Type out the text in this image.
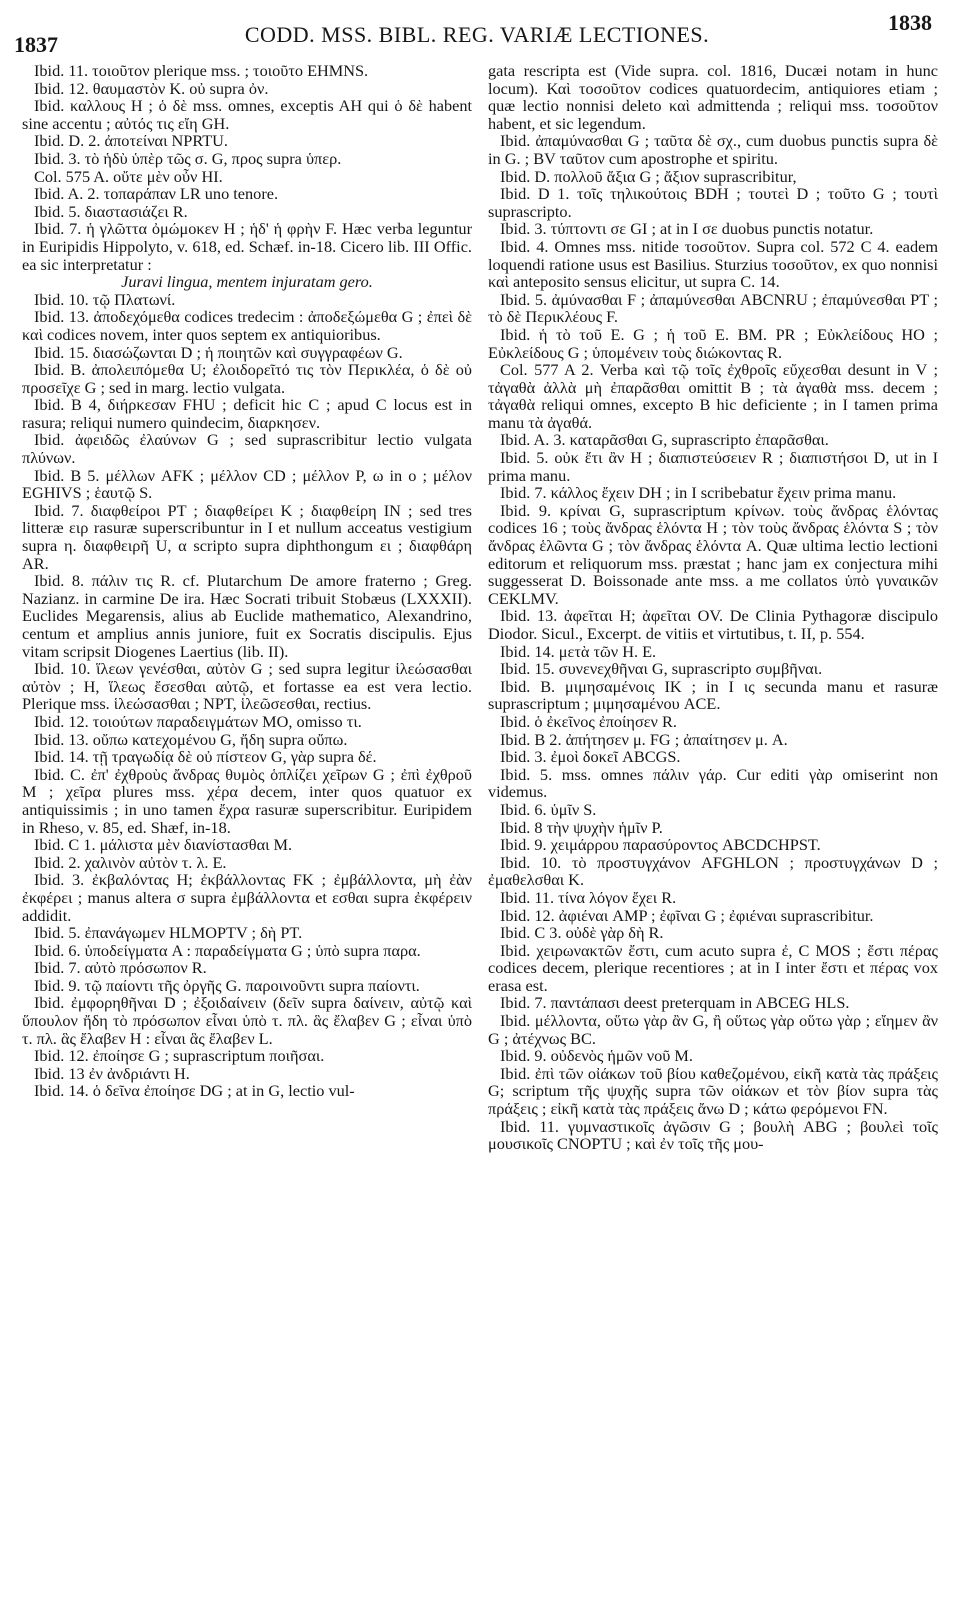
1837	CODD. MSS. BIBL. REG. VARIÆ LECTIONES.	1838

Ibid. 11. τοιοῦτον plerique mss. ; τοιοῦτο EHMNS.

Ibid. 12. θαυμαστὸν K. οὐ supra ὀν.

Ibid. καλλους H ; ὁ δὲ mss. omnes, exceptis AH qui ὁ δὲ habent sine accentu ; αὐτός τις εἴη GH.

Ibid. D. 2. ἀποτείναι NPRTU.

Ibid. 3. τὸ ἡδὺ ὑπὲρ τῶς σ. G, προς supra ὑπερ.

Col. 575 A. οὔτε μὲν οὖν HI.

Ibid. A. 2. τοπαράπαν LR uno tenore.

Ibid. 5. διαστασιάζει R.

Ibid. 7. ἡ γλῶττα ὀμώμοκεν H ; ἡδ' ἡ φρὴν F. Hæc verba leguntur in Euripidis Hippolyto, v. 618, ed. Schæf. in-18. Cicero lib. III Offic. ea sic interpretatur :

Juravi lingua, mentem injuratam gero.

Ibid. 10. τῷ Πλατωνί.

Ibid. 13. ἀποδεχόμεθα codices tredecim : ἀποδεξώμεθα G ; ἐπεὶ δὲ καὶ codices novem, inter quos septem ex antiquioribus.

Ibid. 15. διασώζωνται D ; ἡ ποιητῶν καὶ συγγραφέων G.

Ibid. B. ἀπολειπόμεθα U; ἐλοιδορεῖτό τις τὸν Περικλέα, ὁ δὲ οὐ προσεῖχε G ; sed in marg. lectio vulgata.

Ibid. B 4, διήρκεσαν FHU ; deficit hic C ; apud C locus est in rasura; reliqui numero quindecim, διαρκησεν.

Ibid. ἀφειδῶς ἐλαύνων G ; sed suprascribitur lectio vulgata πλύνων.

Ibid. B 5. μέλλων AFK ; μέλλον CD ; μέλλον P, ω in ο ; μέλον EGHIVS ; ἑαυτῷ S.

Ibid. 7. διαφθείροι PT ; διαφθείρει K ; διαφθείρη IN ; sed tres litteræ ειρ rasuræ superscribuntur in I et nullum acceatus vestigium supra η. διαφθειρῆ U, α scripto supra diphthongum ει ; διαφθάρη AR.

Ibid. 8. πάλιν τις R. cf. Plutarchum De amore fraterno ; Greg. Nazianz. in carmine De ira. Hæc Socrati tribuit Stobæus (LXXXII). Euclides Megarensis, alius ab Euclide mathematico, Alexandrino, centum et amplius annis juniore, fuit ex Socratis discipulis. Ejus vitam scripsit Diogenes Laertius (lib. II).

Ibid. 10. ἵλεων γενέσθαι, αὐτὸν G ; sed supra legitur ἱλεώσασθαι αὐτὸν ; H, ἵλεως ἔσεσθαι αὐτῷ, et fortasse ea est vera lectio. Plerique mss. ἱλεώσασθαι ; NPT, ἱλεῶσεσθαι, rectius.

Ibid. 12. τοιούτων παραδειγμάτων MO, omisso τι.

Ibid. 13. οὔπω κατεχομένου G, ἤδη supra οὔπω.

Ibid. 14. τῇ τραγωδίᾳ δὲ οὐ πίστεον G, γὰρ supra δέ.

Ibid. C. ἐπ' ἐχθροὺς ἄνδρας θυμὸς ὁπλίζει χεῖρων G ; ἐπὶ ἐχθροῦ M ; χεῖρα plures mss. χέρα decem, inter quos quatuor ex antiquissimis ; in uno tamen ἔχρα rasuræ superscribitur. Euripidem in Rheso, v. 85, ed. Shæf, in-18.

Ibid. C 1. μάλιστα μὲν διανίστασθαι M.

Ibid. 2. χαλινὸν αὐτὸν τ. λ. E.

Ibid. 3. ἐκβαλόντας H; ἐκβάλλοντας FK ; ἐμβάλλοντα, μὴ ἐὰν ἐκφέρει ; manus altera σ supra ἐμβάλλοντα et εσθαι supra ἐκφέρειν addidit.

Ibid. 5. ἐπανάγωμεν HLMOPTV ; δὴ PT.

Ibid. 6. ὑποδείγματα A : παραδείγματα G ; ὑπὸ supra παρα.

Ibid. 7. αὐτὸ πρόσωπον R.

Ibid. 9. τῷ παίοντι τῆς ὀργῆς G. παροινοῦντι supra παίοντι.

Ibid. ἐμφορηθῆναι D ; ἐξοιδαίνειν (δεῖν supra δαίνειν, αὐτῷ καὶ ὕπουλον ἤδη τὸ πρόσωπον εἶναι ὑπὸ τ. πλ. ἃς ἔλαβεν G ; εἶναι ὑπὸ τ. πλ. ἃς ἔλαβεν H : εἶναι ἃς ἔλαβεν L.

Ibid. 12. ἐποίησε G ; suprascriptum ποιῆσαι.

Ibid. 13 ἐν ἀνδριάντι H.

Ibid. 14. ὁ δεῖνα ἐποίησε DG ; at in G, lectio vul-

gata rescripta est (Vide supra. col. 1816, Ducæi notam in hunc locum). Καὶ τοσοῦτον codices quatuordecim, antiquiores etiam ; quæ lectio nonnisi deleto καὶ admittenda ; reliqui mss. τοσοῦτον habent, et sic legendum.

Ibid. ἀπαμύνασθαι G ; ταῦτα δὲ σχ., cum duobus punctis supra δὲ in G. ; BV ταῦτον cum apostrophe et spiritu.

Ibid. D. πολλοῦ ἄξια G ; ἄξιον suprascribitur,

Ibid. D 1. τοῖς τηλικούτοις BDH ; τουτεὶ D ; τοῦτο G ; τουτὶ suprascripto.

Ibid. 3. τύπτοντι σε GI ; at in I σε duobus punctis notatur.

Ibid. 4. Omnes mss. nitide τοσοῦτον. Supra col. 572 C 4. eadem loquendi ratione usus est Basilius. Sturzius τοσοῦτον, ex quo nonnisi καὶ anteposito sensus elicitur, ut supra C. 14.

Ibid. 5. ἀμύνασθαι F ; ἀπαμύνεσθαι ABCNRU ; ἐπαμύνεσθαι PT ; τὸ δὲ Περικλέους F.

Ibid. ἡ τὸ τοῦ E. G ; ἡ τοῦ E. BM. PR ; Εὐκλείδους HO ; Εὐκλείδους G ; ὑπομένειν τοὺς διώκοντας R.

Col. 577 A 2. Verba καὶ τῷ τοῖς ἐχθροῖς εὔχεσθαι desunt in V ; τἀγαθὰ ἀλλὰ μὴ ἐπαρᾶσθαι omittit B ; τὰ ἀγαθὰ mss. decem ; τἀγαθὰ reliqui omnes, excepto B hic deficiente ; in I tamen prima manu τὰ ἀγαθά.

Ibid. A. 3. καταρᾶσθαι G, suprascripto ἐπαρᾶσθαι.

Ibid. 5. οὐκ ἔτι ἂν H ; διαπιστεύσειεν R ; διαπιστήσοι D, ut in I prima manu.

Ibid. 7. κάλλος ἔχειν DH ; in I scribebatur ἔχειν prima manu.

Ibid. 9. κρίναι G, suprascriptum κρίνων. τοὺς ἄνδρας ἑλόντας codices 16 ; τοὺς ἄνδρας ἑλόντα H ; τὸν τοὺς ἄνδρας ἑλόντα S ; τὸν ἄνδρας ἑλῶντα G ; τὸν ἄνδρας ἑλόντα A. Quæ ultima lectio lectioni editorum et reliquorum mss. præstat ; hanc jam ex conjectura mihi suggesserat D. Boissonade ante mss. a me collatos ὑπὸ γυναικῶν CEKLMV.

Ibid. 13. ἀφεῖται H; ἀφεῖται OV. De Clinia Pythagoræ discipulo Diodor. Sicul., Excerpt. de vitiis et virtutibus, t. II, p. 554.

Ibid. 14. μετὰ τῶν H. E.

Ibid. 15. συνενεχθῆναι G, suprascripto συμβῆναι.

Ibid. B. μιμησαμένοις IK ; in I ις secunda manu et rasuræ suprascriptum ; μιμησαμένου ACE.

Ibid. ὁ ἐκεῖνος ἐποίησεν R.

Ibid. B 2. ἀπήτησεν μ. FG ; ἀπαίτησεν μ. A.

Ibid. 3. ἐμοὶ δοκεῖ ABCGS.

Ibid. 5. mss. omnes πάλιν γάρ. Cur editi γὰρ omiserint non videmus.

Ibid. 6. ὑμῖν S.

Ibid. 8 τὴν ψυχὴν ἡμῖν P.

Ibid. 9. χειμάρρου παρασύροντος ABCDCHPST.

Ibid. 10. τὸ προστυγχάνον AFGHLON ; προστυγχάνων D ; ἐμαθελσθαι K.

Ibid. 11. τίνα λόγον ἔχει R.

Ibid. 12. ἀφιέναι AMP ; ἐφῖναι G ; ἐφιέναι suprascribitur.

Ibid. C 3. οὐδὲ γὰρ δὴ R.

Ibid. χειρωνακτῶν ἔστι, cum acuto supra ἐ, C MOS ; ἔστι πέρας codices decem, plerique recentiores ; at in I inter ἔστι et πέρας vox erasa est.

Ibid. 7. παντάπασι deest preterquam in ABCEG HLS.

Ibid. μέλλοντα, οὕτω γὰρ ἂν G, ἢ οὕτως γὰρ οὕτω γὰρ ; εἴημεν ἂν G ; ἀτέχνως BC.

Ibid. 9. οὐδενὸς ἡμῶν νοῦ M.

Ibid. ἐπὶ τῶν οἰάκων τοῦ βίου καθεζομένου, εἰκῆ κατὰ τὰς πράξεις G; scriptum τῆς ψυχῆς supra τῶν οἰάκων et τὸν βίον supra τὰς πράξεις ; εἰκῆ κατὰ τὰς πράξεις ἄνω D ; κάτω φερόμενοι FN.

Ibid. 11. γυμναστικοῖς ἀγῶσιν G ; βουλὴ ABG ; βουλεὶ τοῖς μουσικοῖς CNOPTU ; καὶ ἐν τοῖς τῆς μου-
